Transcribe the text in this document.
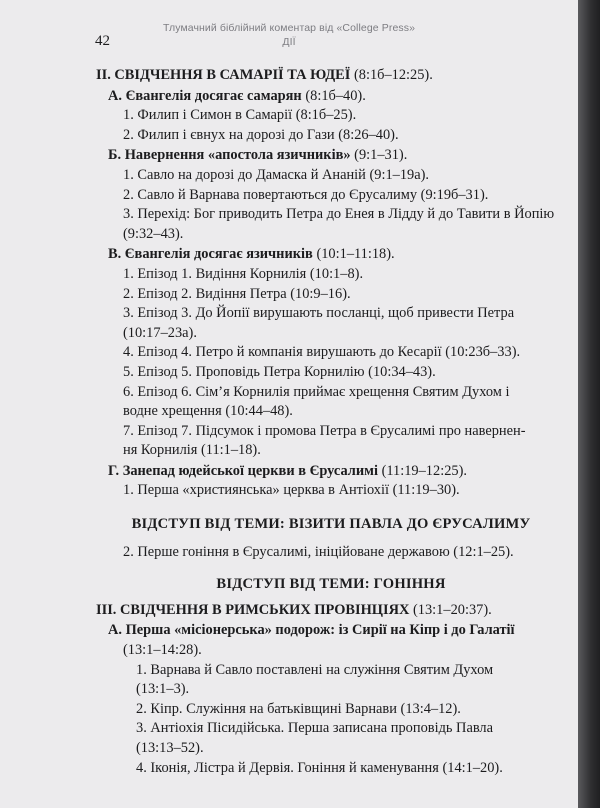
Тлумачний біблійний коментар від «College Press»
ДІЇ
42

ІІ. СВІДЧЕННЯ В САМАРІЇ ТА ЮДЕЇ (8:1б–12:25).

А. Євангелія досягає самарян (8:1б–40).

1. Филип і Симон в Самарії (8:1б–25).

2. Филип і євнух на дорозі до Гази (8:26–40).

Б. Навернення «апостола язичників» (9:1–31).

1. Савло на дорозі до Дамаска й Ананій (9:1–19а).

2. Савло й Варнава повертаються до Єрусалиму (9:19б–31).

3. Перехід: Бог приводить Петра до Енея в Лідду й до Тавити в Йопію (9:32–43).

В. Євангелія досягає язичників (10:1–11:18).

1. Епізод 1. Видіння Корнилія (10:1–8).

2. Епізод 2. Видіння Петра (10:9–16).

3. Епізод 3. До Йопії вирушають посланці, щоб привести Петра

(10:17–23а).

4. Епізод 4. Петро й компанія вирушають до Кесарії (10:23б–33).

5. Епізод 5. Проповідь Петра Корнилію (10:34–43).

6. Епізод 6. Сім’я Корнилія приймає хрещення Святим Духом і

водне хрещення (10:44–48).

7. Епізод 7. Підсумок і промова Петра в Єрусалимі про навернен-

ня Корнилія (11:1–18).

Г. Занепад юдейської церкви в Єрусалимі (11:19–12:25).

1. Перша «християнська» церква в Антіохії (11:19–30).

ВІДСТУП ВІД ТЕМИ: ВІЗИТИ ПАВЛА ДО ЄРУСАЛИМУ

2. Перше гоніння в Єрусалимі, ініційоване державою (12:1–25).

ВІДСТУП ВІД ТЕМИ: ГОНІННЯ

ІІІ. СВІДЧЕННЯ В РИМСЬКИХ ПРОВІНЦІЯХ (13:1–20:37).

А. Перша «місіонерська» подорож: із Сирії на Кіпр і до Галатії

(13:1–14:28).

1. Варнава й Савло поставлені на служіння Святим Духом

(13:1–3).

2. Кіпр. Служіння на батьківщині Варнави (13:4–12).

3. Антіохія Пісидійська. Перша записана проповідь Павла

(13:13–52).

4. Іконія, Лістра й Дервія. Гоніння й каменування (14:1–20).
